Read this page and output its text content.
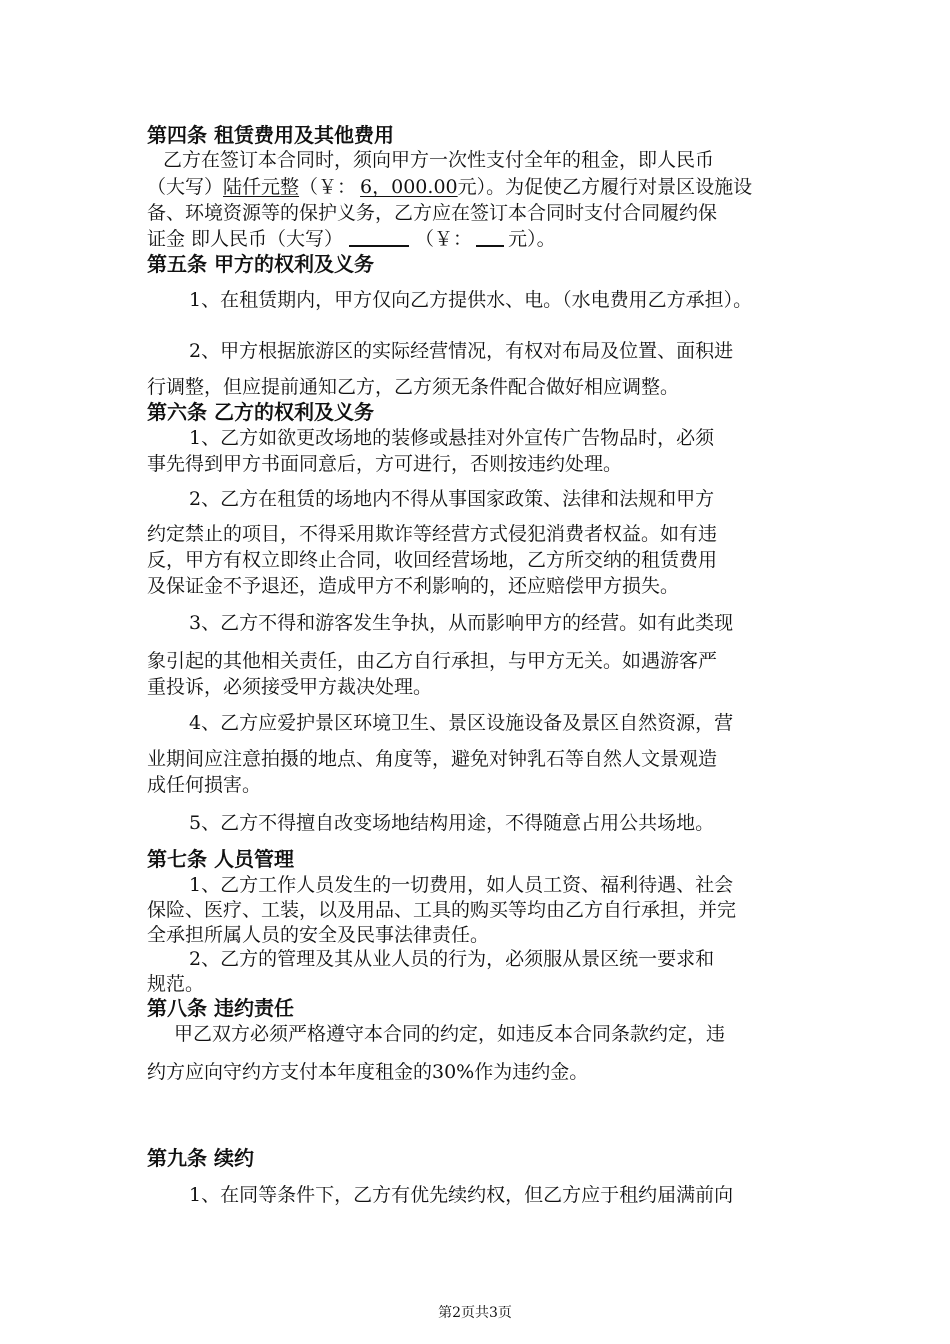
第四条 租赁费用及其他费用
乙方在签订本合同时，须向甲方一次性支付全年的租金，即人民币
（大写）陆仟元整（￥： 6，000.00元）。为促使乙方履行对景区设施设
备、环境资源等的保护义务，乙方应在签订本合同时支付合同履约保
证金 即人民币（大写）	（￥： 元）。
第五条 甲方的权利及义务
1、在租赁期内，甲方仅向乙方提供水、电。（水电费用乙方承担）。
2、甲方根据旅游区的实际经营情况，有权对布局及位置、面积进
行调整，但应提前通知乙方，乙方须无条件配合做好相应调整。
第六条 乙方的权利及义务
1、乙方如欲更改场地的装修或悬挂对外宣传广告物品时，必须
事先得到甲方书面同意后，方可进行，否则按违约处理。
2、乙方在租赁的场地内不得从事国家政策、法律和法规和甲方
约定禁止的项目，不得采用欺诈等经营方式侵犯消费者权益。如有违
反，甲方有权立即终止合同，收回经营场地，乙方所交纳的租赁费用
及保证金不予退还，造成甲方不利影响的，还应赔偿甲方损失。
3、乙方不得和游客发生争执，从而影响甲方的经营。如有此类现
象引起的其他相关责任，由乙方自行承担，与甲方无关。如遇游客严
重投诉，必须接受甲方裁决处理。
4、乙方应爱护景区环境卫生、景区设施设备及景区自然资源，营
业期间应注意拍摄的地点、角度等，避免对钟乳石等自然人文景观造
成任何损害。
5、乙方不得擅自改变场地结构用途，不得随意占用公共场地。
第七条 人员管理
1、乙方工作人员发生的一切费用，如人员工资、福利待遇、社会
保险、医疗、工装，以及用品、工具的购买等均由乙方自行承担，并完
全承担所属人员的安全及民事法律责任。
2、乙方的管理及其从业人员的行为，必须服从景区统一要求和
规范。
第八条 违约责任
甲乙双方必须严格遵守本合同的约定，如违反本合同条款约定，违
约方应向守约方支付本年度租金的30%作为违约金。
第九条 续约
1、在同等条件下，乙方有优先续约权，但乙方应于租约届满前向
第2页共3页
